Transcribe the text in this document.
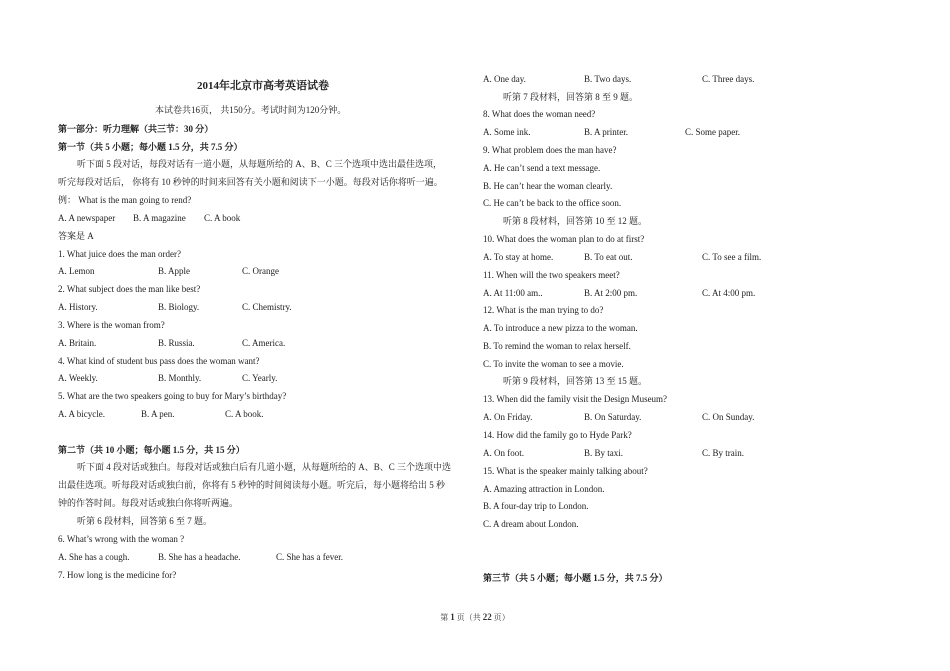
2014年北京市高考英语试卷
本试卷共16页， 共150分。考试时间为120分钟。
第一部分：听力理解（共三节：30 分）
第一节（共 5 小题；每小题 1.5 分，共 7.5 分）
听下面 5 段对话，每段对话有一道小题，从每题所给的 A、B、C 三个选项中选出最佳选项，
听完每段对话后， 你将有 10 秒钟的时间来回答有关小题和阅读下一小题。每段对话你将听一遍。
例： What is the man going to rend?
A. A newspaper B. A magazine C. A book
答案是 A
1. What juice does the man order?
A. Lemon	B. Apple	C. Orange
2. What subject does the man like best?
A. History.	B. Biology.	C. Chemistry.
3. Where is the woman from?
A. Britain.	B. Russia.	C. America.
4. What kind of student bus pass does the woman want?
A. Weekly.	B. Monthly.	C. Yearly.
5. What are the two speakers going to buy for Mary’s birthday?
A. A bicycle.	B. A pen.	C. A book.
第二节（共 10 小题；每小题 1.5 分，共 15 分）
听下面 4 段对话或独白。每段对话或独白后有几道小题，从每题所给的 A、B、C 三个选项中选
出最佳选项。听每段对话或独白前，你将有 5 秒钟的时间阅读每小题。听完后，每小题将给出 5 秒
钟的作答时间。每段对话或独白你将听两遍。
听第 6 段材料，回答第 6 至 7 题。
6. What’s wrong with the woman ?
A. She has a cough.	B. She has a headache.	C. She has a fever.
7. How long is the medicine for?
A. One day.	B. Two days.	C. Three days.
听第 7 段材料，回答第 8 至 9 题。
8. What does the woman need?
A. Some ink.	B. A printer.	C. Some paper.
9. What problem does the man have?
A. He can’t send a text message.
B. He can’t hear the woman clearly.
C. He can’t be back to the office soon.
听第 8 段材料，回答第 10 至 12 题。
10. What does the woman plan to do at first?
A. To stay at home.	B. To eat out.	C. To see a film.
11. When will the two speakers meet?
A. At 11:00 am..	B. At 2:00 pm.	C. At 4:00 pm.
12. What is the man trying to do?
A. To introduce a new pizza to the woman.
B. To remind the woman to relax herself.
C. To invite the woman to see a movie.
听第 9 段材料，回答第 13 至 15 题。
13. When did the family visit the Design Museum?
A. On Friday.	B. On Saturday.	C. On Sunday.
14. How did the family go to Hyde Park?
A. On foot.	B. By taxi.	C. By train.
15. What is the speaker mainly talking about?
A. Amazing attraction in London.
B. A four-day trip to London.
C. A dream about London.
第三节（共 5 小题；每小题 1.5 分，共 7.5 分）
第 1 页（共 22 页）
